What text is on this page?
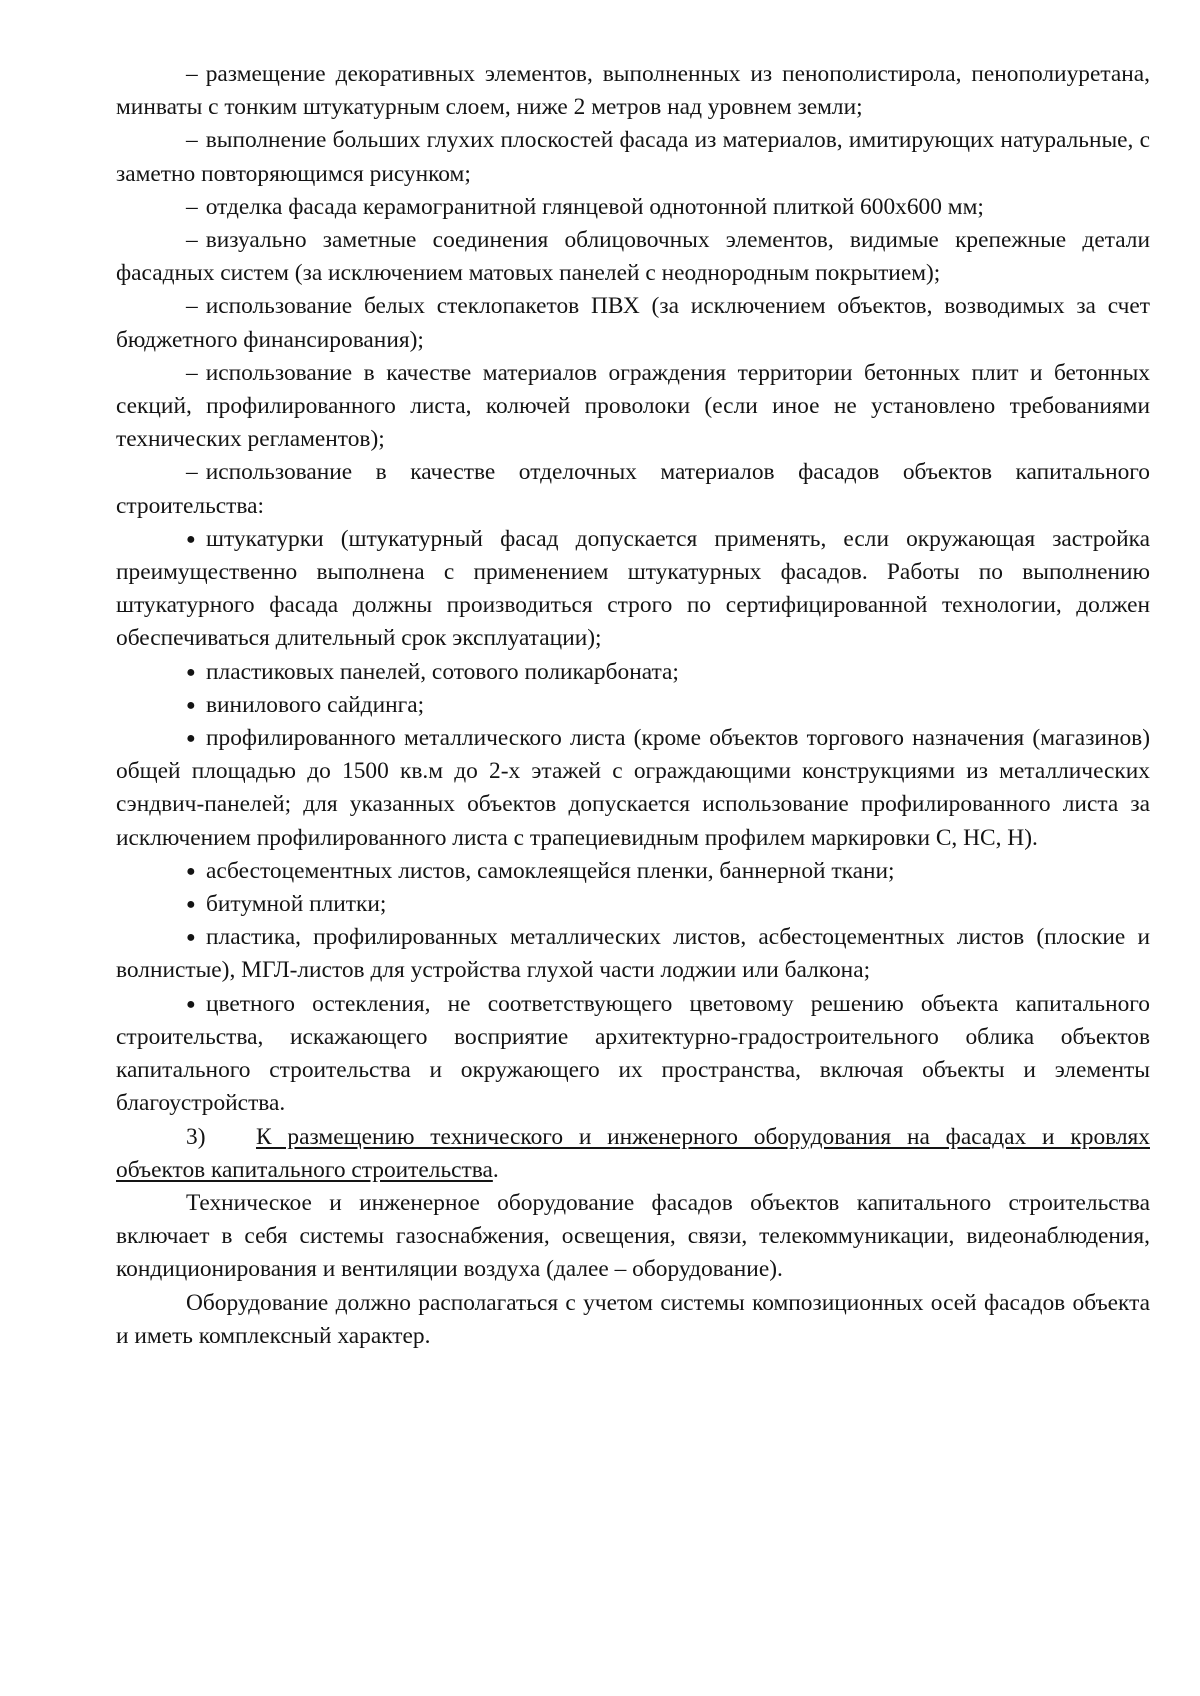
– размещение декоративных элементов, выполненных из пенополистирола, пенополиуретана, минваты с тонким штукатурным слоем, ниже 2 метров над уровнем земли;

– выполнение больших глухих плоскостей фасада из материалов, имитирующих натуральные, с заметно повторяющимся рисунком;

– отделка фасада керамогранитной глянцевой однотонной плиткой 600х600 мм;

– визуально заметные соединения облицовочных элементов, видимые крепежные детали фасадных систем (за исключением матовых панелей с неоднородным покрытием);

– использование белых стеклопакетов ПВХ (за исключением объектов, возводимых за счет бюджетного финансирования);

– использование в качестве материалов ограждения территории бетонных плит и бетонных секций, профилированного листа, колючей проволоки (если иное не установлено требованиями технических регламентов);

– использование в качестве отделочных материалов фасадов объектов капитального строительства:

● штукатурки (штукатурный фасад допускается применять, если окружающая застройка преимущественно выполнена с применением штукатурных фасадов. Работы по выполнению штукатурного фасада должны производиться строго по сертифицированной технологии, должен обеспечиваться длительный срок эксплуатации);

● пластиковых панелей, сотового поликарбоната;

● винилового сайдинга;

● профилированного металлического листа (кроме объектов торгового назначения (магазинов) общей площадью до 1500 кв.м до 2-х этажей с ограждающими конструкциями из металлических сэндвич-панелей; для указанных объектов допускается использование профилированного листа за исключением профилированного листа с трапециевидным профилем маркировки С, НС, Н).

● асбестоцементных листов, самоклеящейся пленки, баннерной ткани;

● битумной плитки;

● пластика, профилированных металлических листов, асбестоцементных листов (плоские и волнистые), МГЛ-листов для устройства глухой части лоджии или балкона;

● цветного остекления, не соответствующего цветовому решению объекта капитального строительства, искажающего восприятие архитектурно-градостроительного облика объектов капитального строительства и окружающего их пространства, включая объекты и элементы благоустройства.

3) К размещению технического и инженерного оборудования на фасадах и кровлях объектов капитального строительства.

Техническое и инженерное оборудование фасадов объектов капитального строительства включает в себя системы газоснабжения, освещения, связи, телекоммуникации, видеонаблюдения, кондиционирования и вентиляции воздуха (далее – оборудование).

Оборудование должно располагаться с учетом системы композиционных осей фасадов объекта и иметь комплексный характер.
